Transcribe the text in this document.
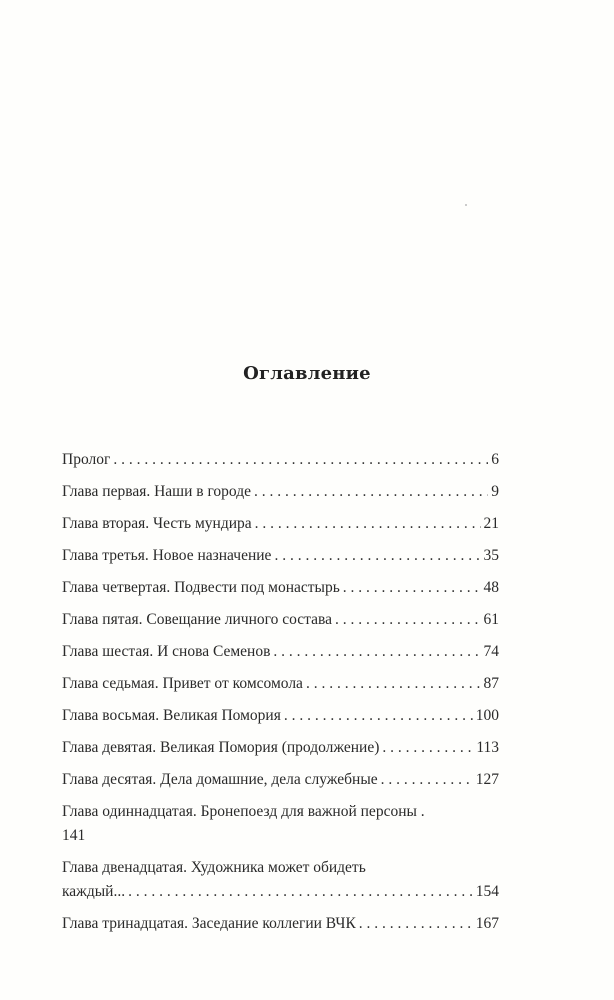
Оглавление
Пролог . . .	6
Глава первая. Наши в городе . . .	9
Глава вторая. Честь мундира . . .	21
Глава третья. Новое назначение . . .	35
Глава четвертая. Подвести под монастырь . . .	48
Глава пятая. Совещание личного состава . . .	61
Глава шестая. И снова Семенов . . .	74
Глава седьмая. Привет от комсомола . . .	87
Глава восьмая. Великая Помория . . .	100
Глава девятая. Великая Помория (продолжение) . . .	113
Глава десятая. Дела домашние, дела служебные . . .	127
Глава одиннадцатая. Бронепоезд для важной персоны .
141
Глава двенадцатая. Художника может обидеть
каждый... . . .	154
Глава тринадцатая. Заседание коллегии ВЧК . . .	167
